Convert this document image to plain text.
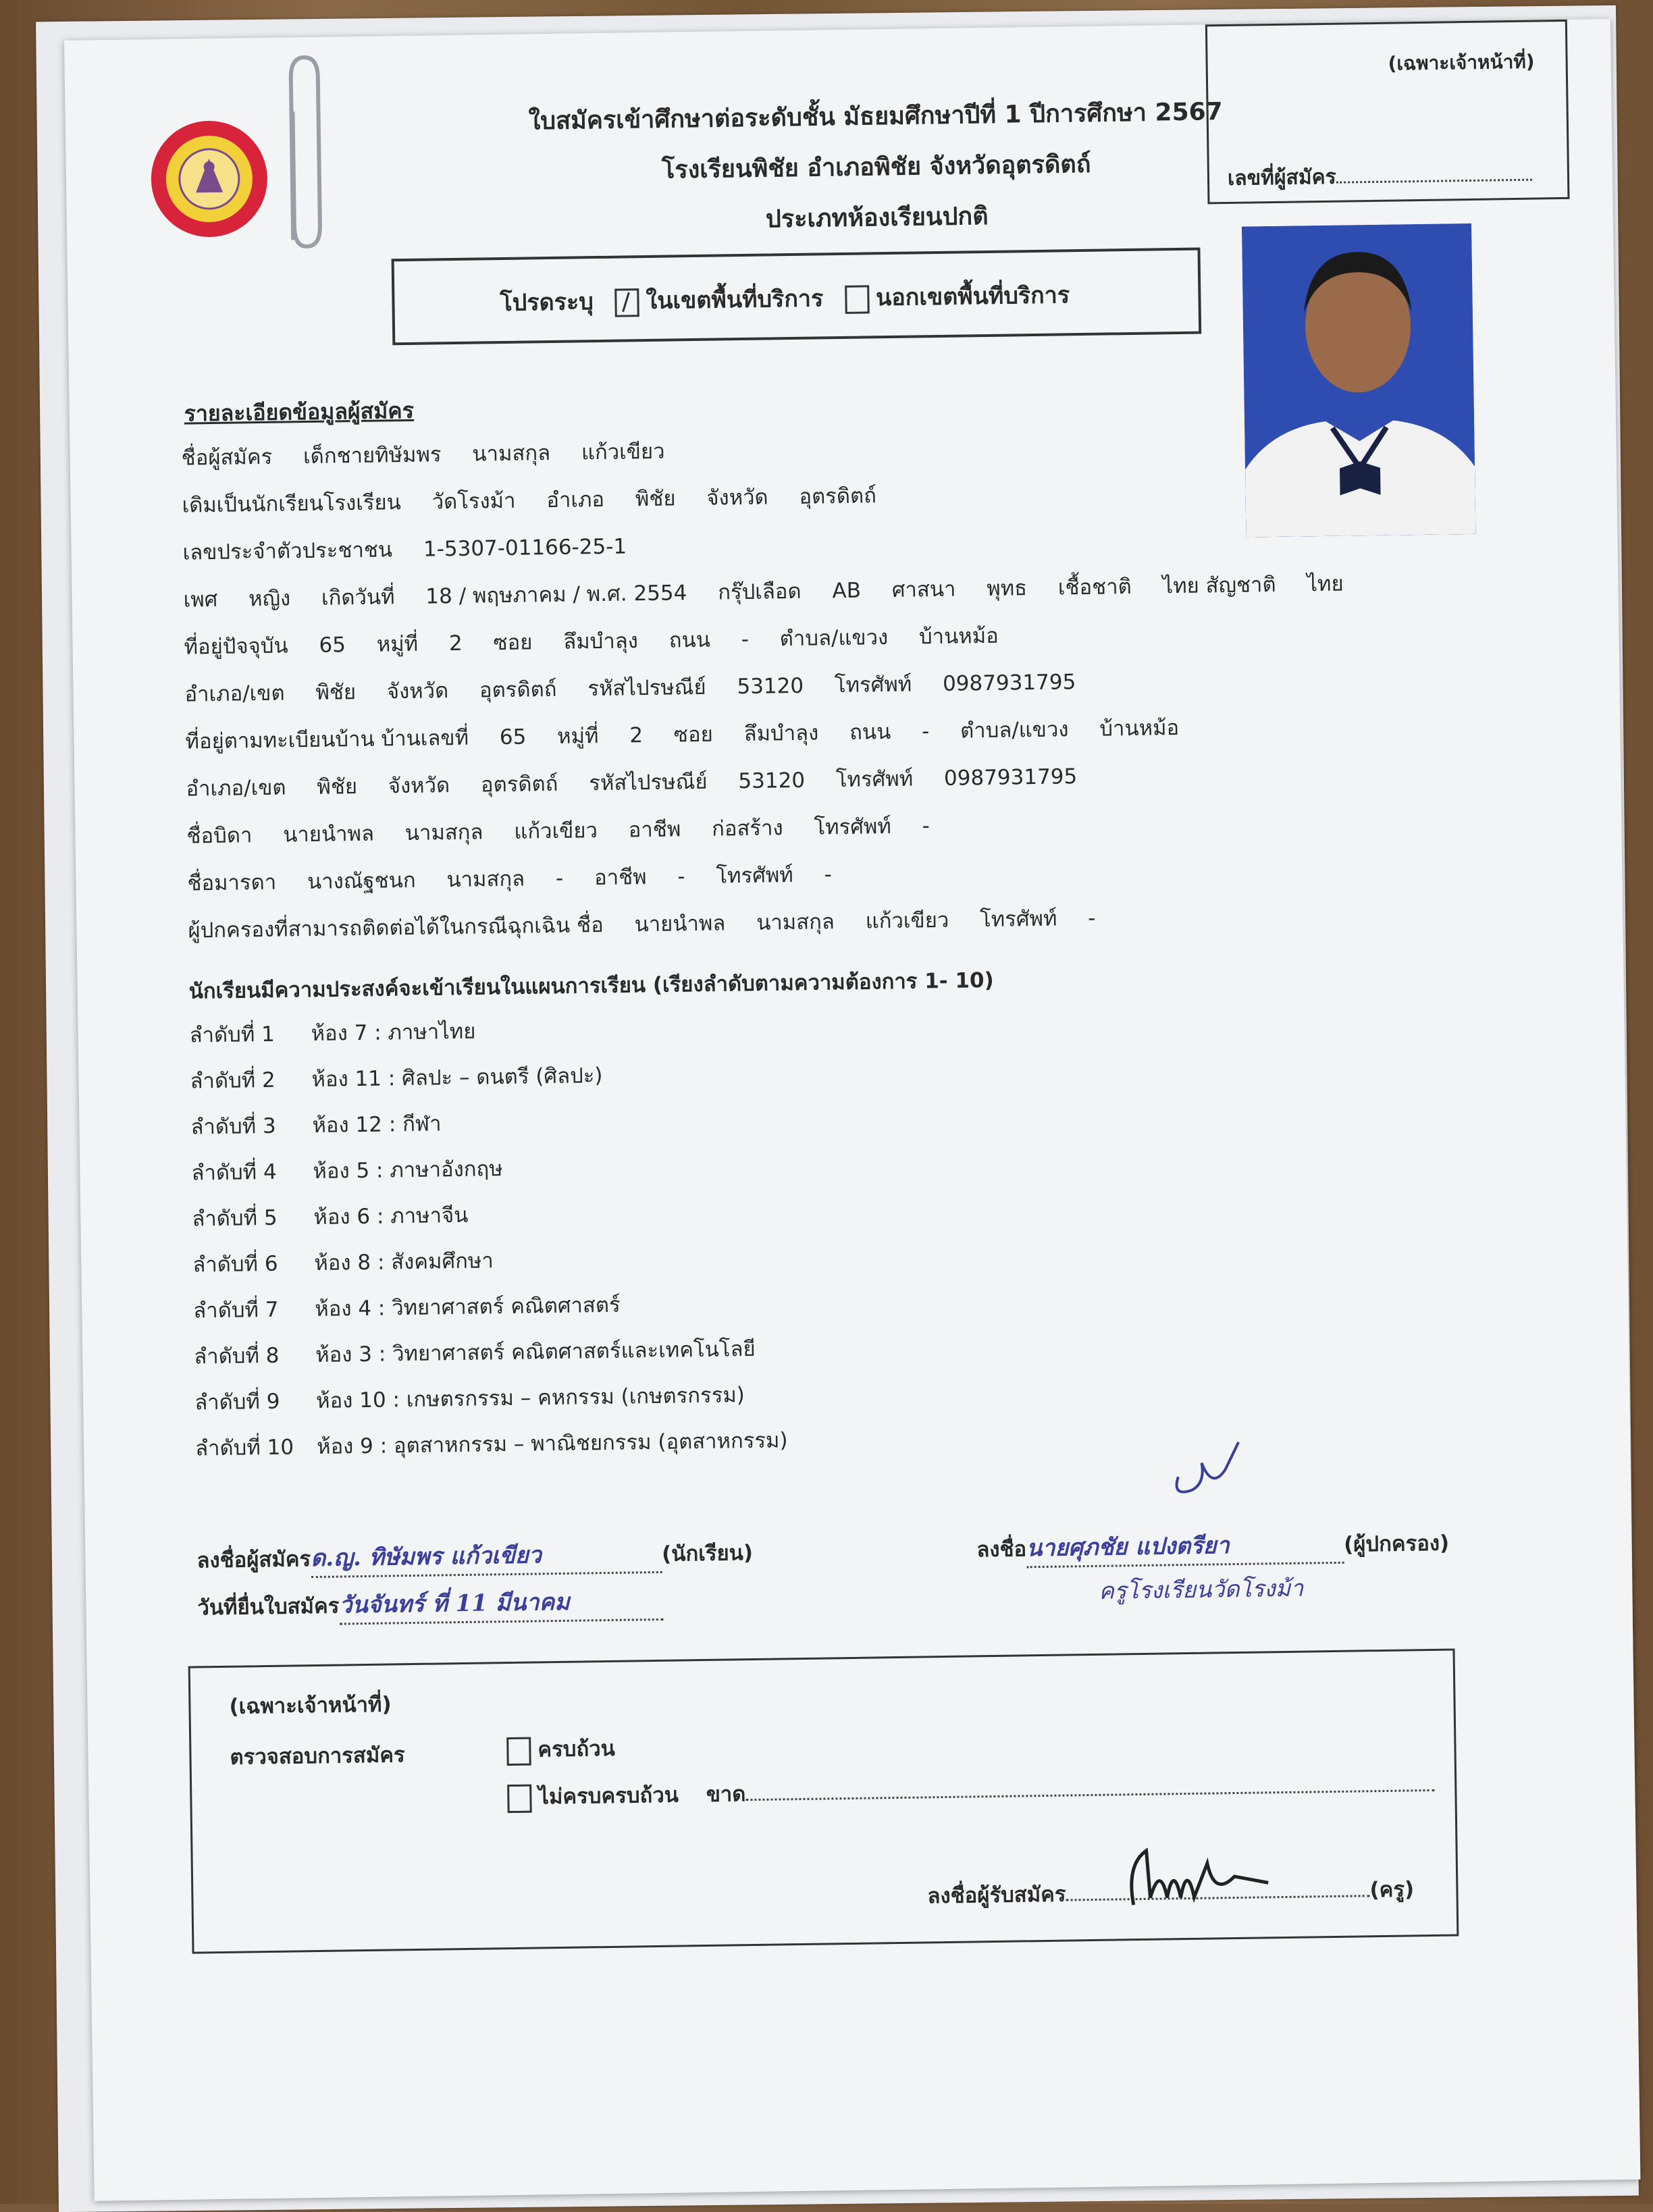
ใบสมัครเข้าศึกษาต่อระดับชั้น มัธยมศึกษาปีที่ 1 ปีการศึกษา 2567
โรงเรียนพิชัย อำเภอพิชัย จังหวัดอุตรดิตถ์
ประเภทห้องเรียนปกติ
(เฉพาะเจ้าหน้าที่)
เลขที่ผู้สมัคร
โปรดระบุ ในเขตพื้นที่บริการ นอกเขตพื้นที่บริการ
รายละเอียดข้อมูลผู้สมัคร
ชื่อผู้สมัคร เด็กชายทิษัมพร นามสกุล แก้วเขียว
เดิมเป็นนักเรียนโรงเรียน วัดโรงม้า อำเภอ พิชัย จังหวัด อุตรดิตถ์
เลขประจำตัวประชาชน 1-5307-01166-25-1
เพศ หญิง เกิดวันที่ 18 / พฤษภาคม / พ.ศ. 2554 กรุ๊ปเลือด AB ศาสนา พุทธ เชื้อชาติ ไทย สัญชาติ ไทย
ที่อยู่ปัจจุบัน 65 หมู่ที่ 2 ซอย ลึมบำลุง ถนน - ตำบล/แขวง บ้านหม้อ
อำเภอ/เขต พิชัย จังหวัด อุตรดิตถ์ รหัสไปรษณีย์ 53120 โทรศัพท์ 0987931795
ที่อยู่ตามทะเบียนบ้าน บ้านเลขที่ 65 หมู่ที่ 2 ซอย ลึมบำลุง ถนน - ตำบล/แขวง บ้านหม้อ
อำเภอ/เขต พิชัย จังหวัด อุตรดิตถ์ รหัสไปรษณีย์ 53120 โทรศัพท์ 0987931795
ชื่อบิดา นายนำพล นามสกุล แก้วเขียว อาชีพ ก่อสร้าง โทรศัพท์ -
ชื่อมารดา นางณัฐชนก นามสกุล - อาชีพ - โทรศัพท์ -
ผู้ปกครองที่สามารถติดต่อได้ในกรณีฉุกเฉิน ชื่อ นายนำพล นามสกุล แก้วเขียว โทรศัพท์ -
นักเรียนมีความประสงค์จะเข้าเรียนในแผนการเรียน (เรียงลำดับตามความต้องการ 1- 10)
ลำดับที่ 1 ห้อง 7 : ภาษาไทย
ลำดับที่ 2 ห้อง 11 : ศิลปะ – ดนตรี (ศิลปะ)
ลำดับที่ 3 ห้อง 12 : กีฬา
ลำดับที่ 4 ห้อง 5 : ภาษาอังกฤษ
ลำดับที่ 5 ห้อง 6 : ภาษาจีน
ลำดับที่ 6 ห้อง 8 : สังคมศึกษา
ลำดับที่ 7 ห้อง 4 : วิทยาศาสตร์ คณิตศาสตร์
ลำดับที่ 8 ห้อง 3 : วิทยาศาสตร์ คณิตศาสตร์และเทคโนโลยี
ลำดับที่ 9 ห้อง 10 : เกษตรกรรม – คหกรรม (เกษตรกรรม)
ลำดับที่ 10 ห้อง 9 : อุตสาหกรรม – พาณิชยกรรม (อุตสาหกรรม)
ลงชื่อผู้สมัครด.ญ. ทิษัมพร แก้วเขียว	(นักเรียน)
วันที่ยื่นใบสมัครวันจันทร์ ที่ 11 มีนาคม
ลงชื่อนายศุภชัย แปงตรียา	(ผู้ปกครอง)
ครูโรงเรียนวัดโรงม้า
(เฉพาะเจ้าหน้าที่)
ตรวจสอบการสมัคร	ครบถ้วน
ไม่ครบครบถ้วน ขาด
ลงชื่อผู้รับสมัคร	(ครู)
